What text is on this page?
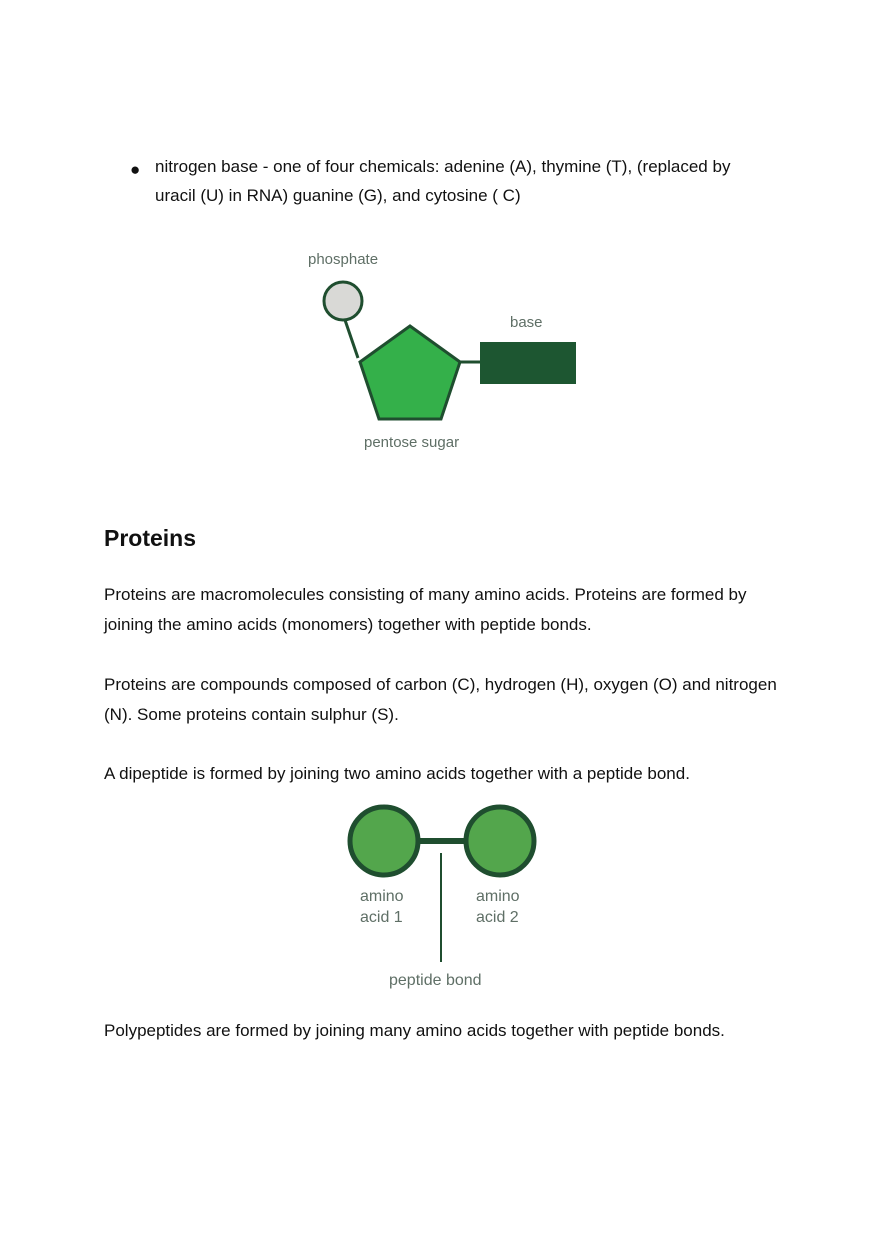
● nitrogen base - one of four chemicals: adenine (A), thymine (T), (replaced by uracil (U) in RNA) guanine (G), and cytosine ( C)

phosphate
base
pentose sugar
Proteins

Proteins are macromolecules consisting of many amino acids. Proteins are formed by joining the amino acids (monomers) together with peptide bonds.

Proteins are compounds composed of carbon (C), hydrogen (H), oxygen (O) and nitrogen (N). Some proteins contain sulphur (S).

A dipeptide is formed by joining two amino acids together with a peptide bond.

amino
acid 1
amino
acid 2
peptide bond

Polypeptides are formed by joining many amino acids together with peptide bonds.
